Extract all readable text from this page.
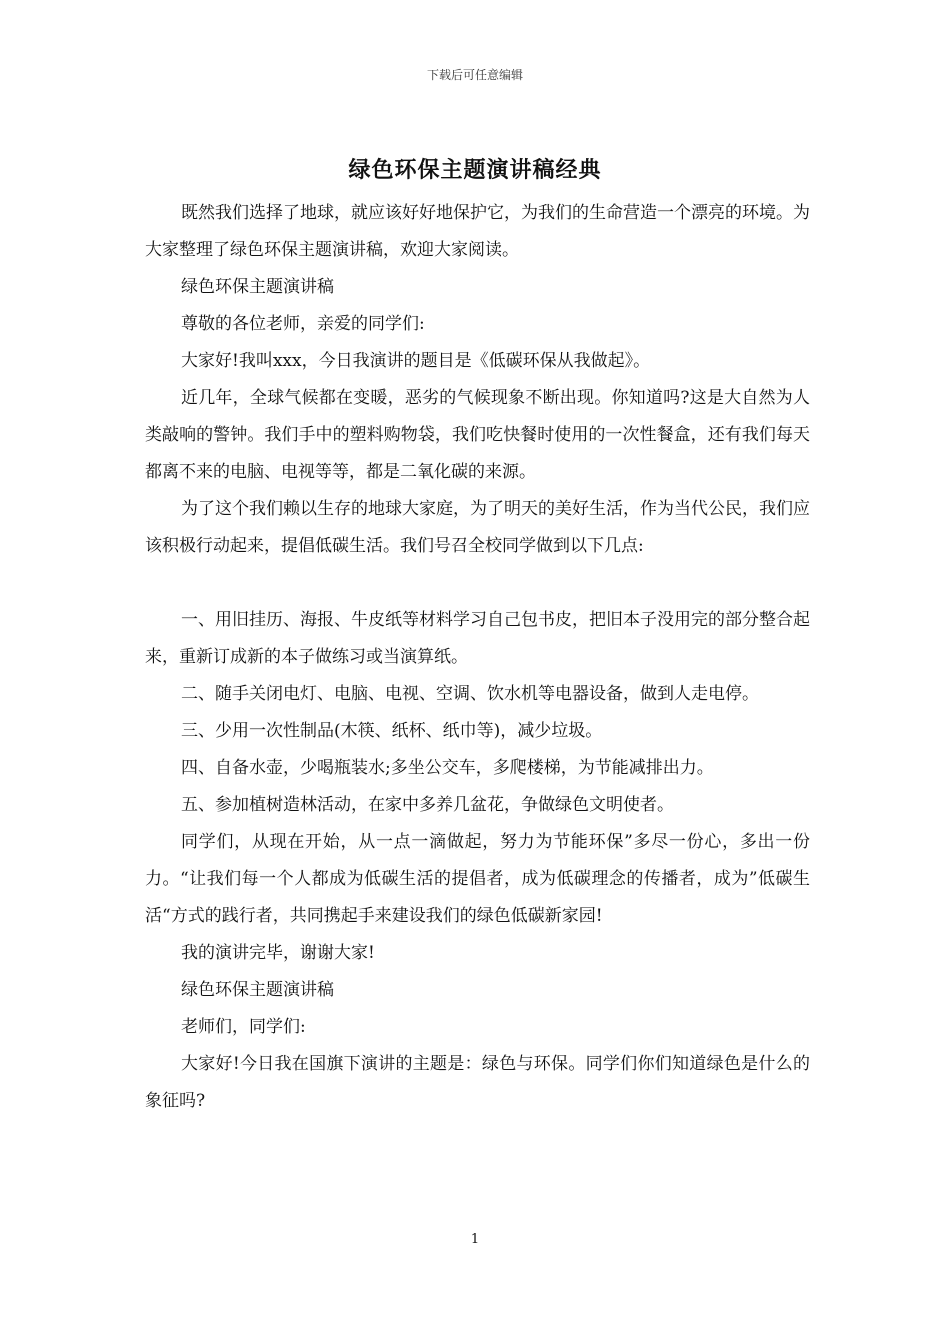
下载后可任意编辑
绿色环保主题演讲稿经典

既然我们选择了地球，就应该好好地保护它，为我们的生命营造一个漂亮的环境。为大家整理了绿色环保主题演讲稿，欢迎大家阅读。

绿色环保主题演讲稿

尊敬的各位老师，亲爱的同学们:

大家好!我叫xxx，今日我演讲的题目是《低碳环保从我做起》。

近几年，全球气候都在变暖，恶劣的气候现象不断出现。你知道吗?这是大自然为人类敲响的警钟。我们手中的塑料购物袋，我们吃快餐时使用的一次性餐盒，还有我们每天都离不来的电脑、电视等等，都是二氧化碳的来源。

为了这个我们赖以生存的地球大家庭，为了明天的美好生活，作为当代公民，我们应该积极行动起来，提倡低碳生活。我们号召全校同学做到以下几点:

一、用旧挂历、海报、牛皮纸等材料学习自己包书皮，把旧本子没用完的部分整合起来，重新订成新的本子做练习或当演算纸。

二、随手关闭电灯、电脑、电视、空调、饮水机等电器设备，做到人走电停。

三、少用一次性制品(木筷、纸杯、纸巾等)，减少垃圾。

四、自备水壶，少喝瓶装水;多坐公交车，多爬楼梯，为节能减排出力。

五、参加植树造林活动，在家中多养几盆花，争做绿色文明使者。

同学们，从现在开始，从一点一滴做起，努力为节能环保”多尽一份心，多出一份力。“让我们每一个人都成为低碳生活的提倡者，成为低碳理念的传播者，成为”低碳生活“方式的践行者，共同携起手来建设我们的绿色低碳新家园!

我的演讲完毕，谢谢大家!

绿色环保主题演讲稿

老师们，同学们:

大家好!今日我在国旗下演讲的主题是：绿色与环保。同学们你们知道绿色是什么的象征吗?

1
